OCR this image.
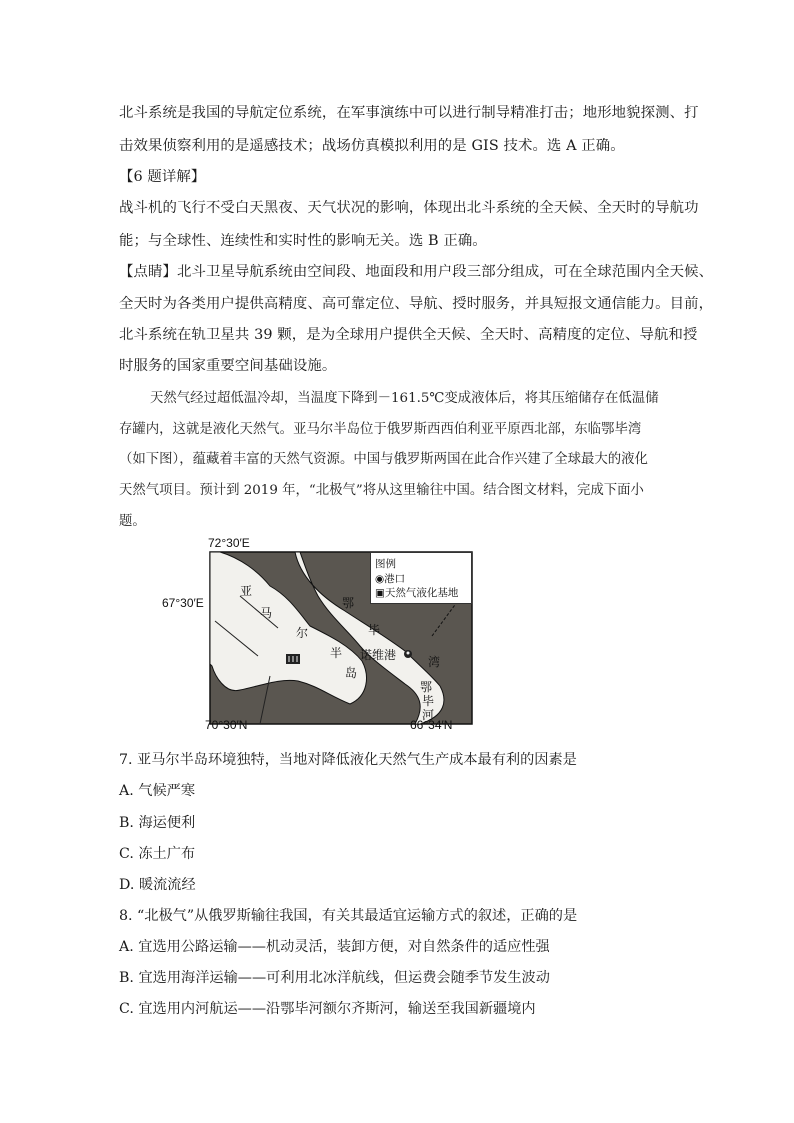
北斗系统是我国的导航定位系统，在军事演练中可以进行制导精准打击；地形地貌探测、打
击效果侦察利用的是遥感技术；战场仿真模拟利用的是 GIS 技术。选 A 正确。
【6 题详解】
战斗机的飞行不受白天黑夜、天气状况的影响，体现出北斗系统的全天候、全天时的导航功
能；与全球性、连续性和实时性的影响无关。选 B 正确。
【点睛】北斗卫星导航系统由空间段、地面段和用户段三部分组成，可在全球范围内全天候、
全天时为各类用户提供高精度、高可靠定位、导航、授时服务，并具短报文通信能力。目前，
北斗系统在轨卫星共 39 颗，是为全球用户提供全天候、全天时、高精度的定位、导航和授
时服务的国家重要空间基础设施。
天然气经过超低温冷却，当温度下降到－161.5℃变成液体后，将其压缩储存在低温储
存罐内，这就是液化天然气。亚马尔半岛位于俄罗斯西西伯利亚平原西北部，东临鄂毕湾
（如下图），蕴藏着丰富的天然气资源。中国与俄罗斯两国在此合作兴建了全球最大的液化
天然气项目。预计到 2019 年，“北极气”将从这里输往中国。结合图文材料，完成下面小
题。
72°30′E
67°30′E
70°30′N	66°34′N
亚
马
尔
半
岛
鄂
毕
湾
鄂
毕
河
诺维港
图例
◉港口
▣天然气液化基地
7. 亚马尔半岛环境独特，当地对降低液化天然气生产成本最有利的因素是
A. 气候严寒
B. 海运便利
C. 冻土广布
D. 暖流流经
8. “北极气”从俄罗斯输往我国，有关其最适宜运输方式的叙述，正确的是
A. 宜选用公路运输——机动灵活，装卸方便，对自然条件的适应性强
B. 宜选用海洋运输——可利用北冰洋航线，但运费会随季节发生波动
C. 宜选用内河航运——沿鄂毕河额尔齐斯河，输送至我国新疆境内
